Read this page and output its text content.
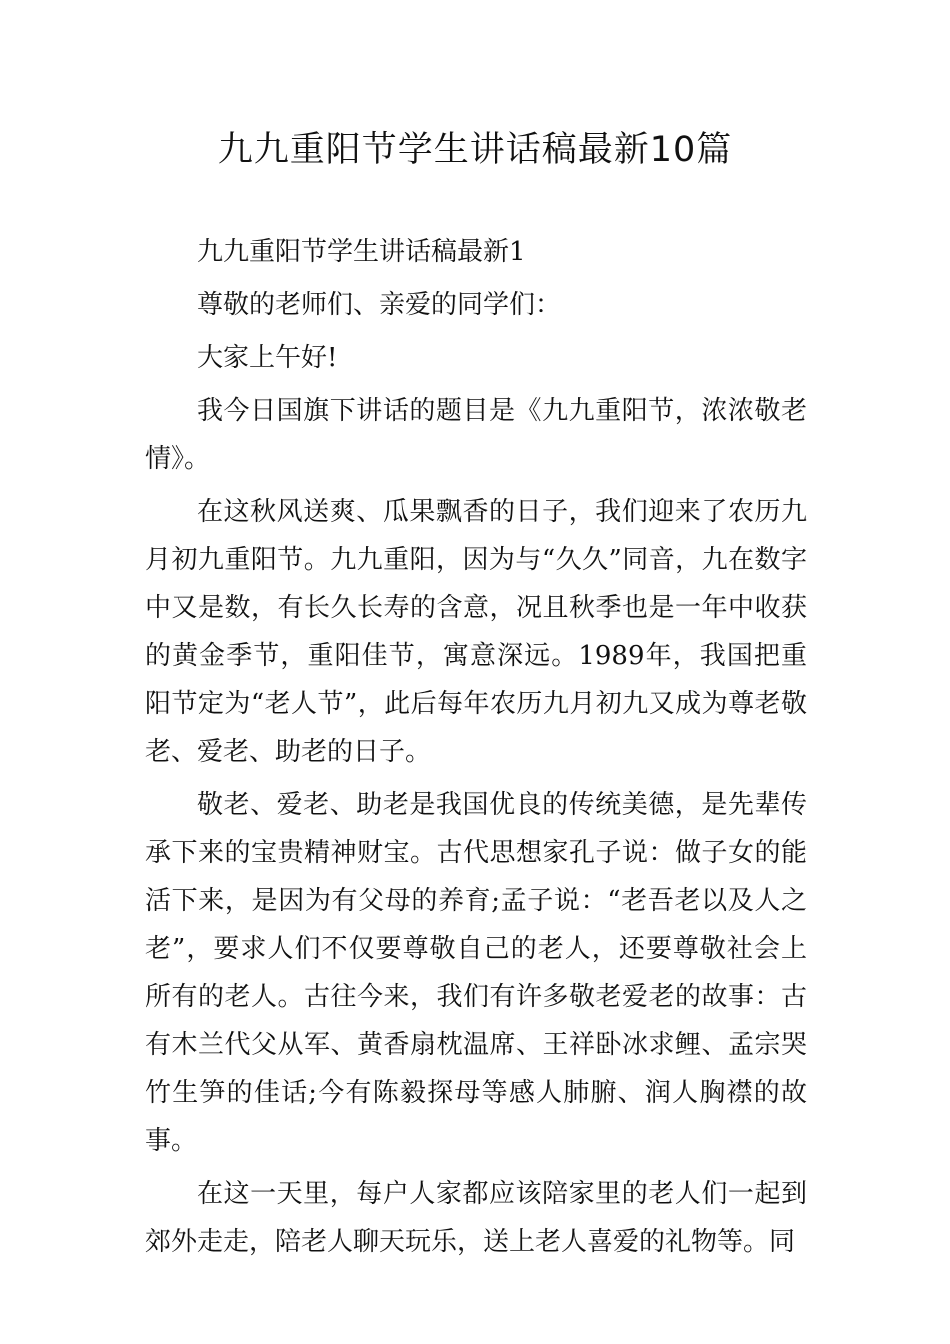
九九重阳节学生讲话稿最新10篇

九九重阳节学生讲话稿最新1

尊敬的老师们、亲爱的同学们：

大家上午好!

我今日国旗下讲话的题目是《九九重阳节，浓浓敬老情》。

在这秋风送爽、瓜果飘香的日子，我们迎来了农历九月初九重阳节。九九重阳，因为与“久久”同音，九在数字中又是数，有长久长寿的含意，况且秋季也是一年中收获的黄金季节，重阳佳节，寓意深远。1989年，我国把重阳节定为“老人节”，此后每年农历九月初九又成为尊老敬老、爱老、助老的日子。

敬老、爱老、助老是我国优良的传统美德，是先辈传承下来的宝贵精神财宝。古代思想家孔子说：做子女的能活下来，是因为有父母的养育;孟子说：“老吾老以及人之老”，要求人们不仅要尊敬自己的老人，还要尊敬社会上所有的老人。古往今来，我们有许多敬老爱老的故事：古有木兰代父从军、黄香扇枕温席、王祥卧冰求鲤、孟宗哭竹生笋的佳话;今有陈毅探母等感人肺腑、润人胸襟的故事。

在这一天里，每户人家都应该陪家里的老人们一起到郊外走走，陪老人聊天玩乐，送上老人喜爱的礼物等。同
